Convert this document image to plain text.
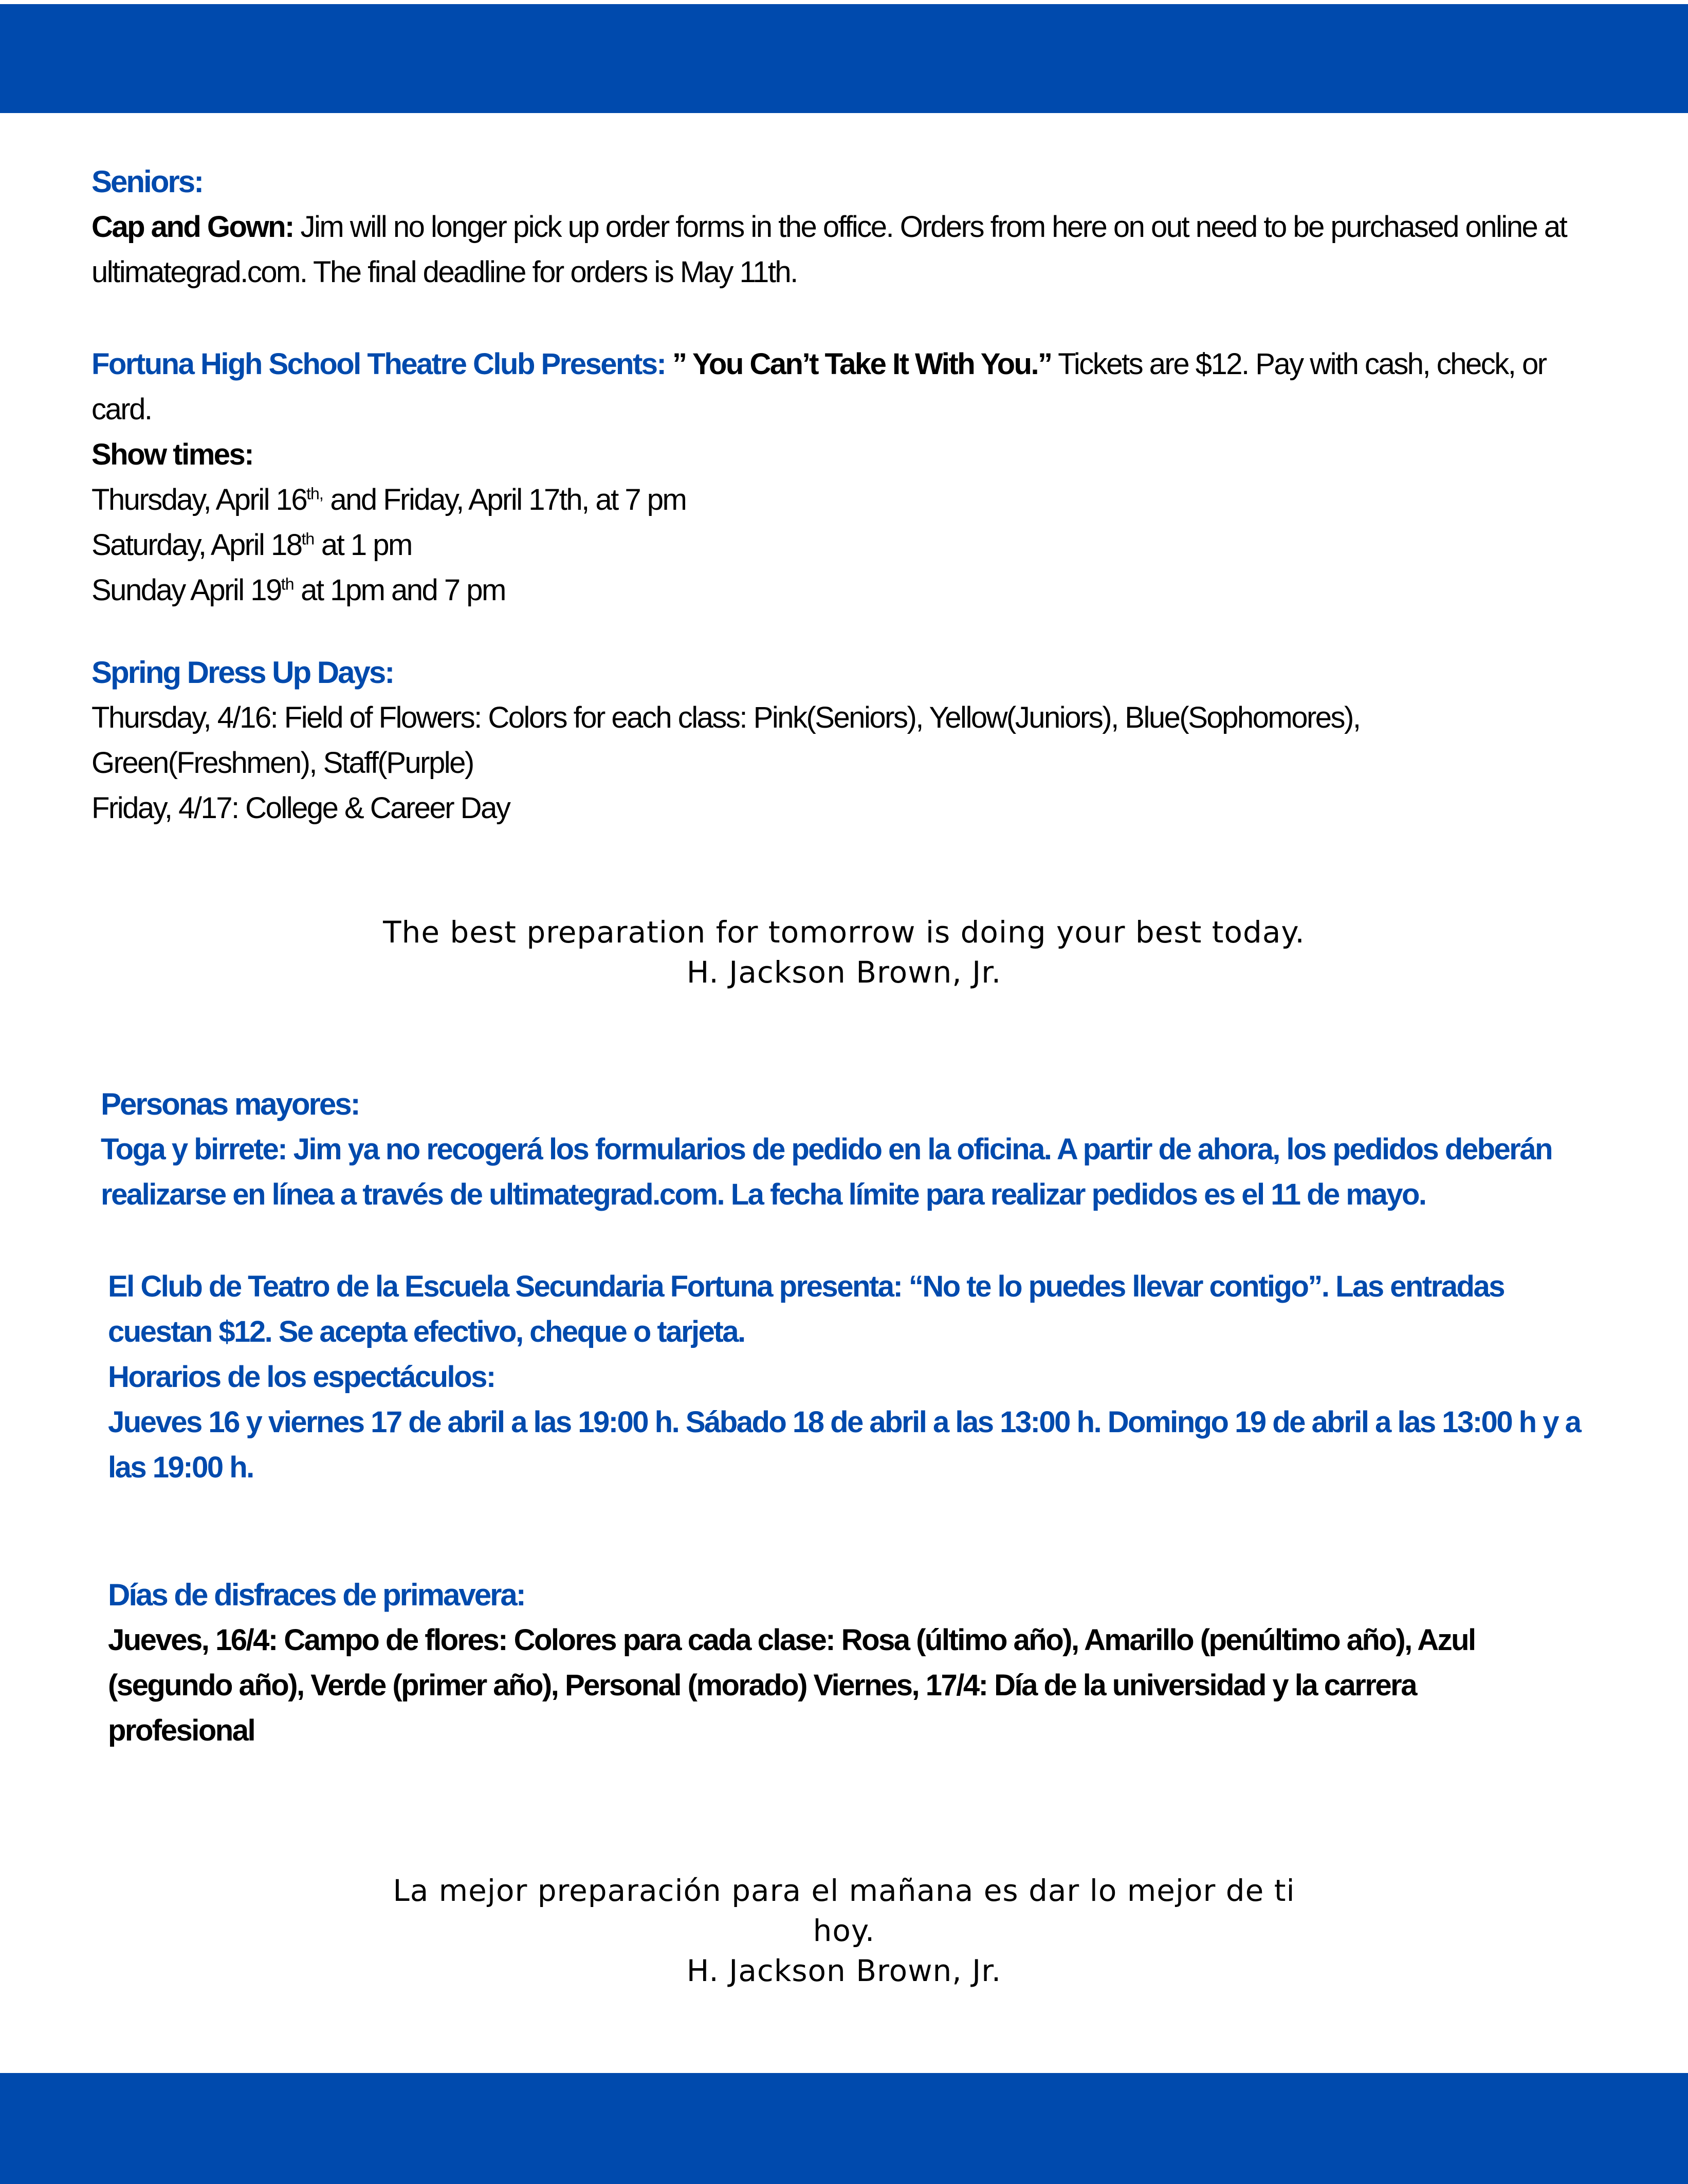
Seniors:

Cap and Gown: Jim will no longer pick up order forms in the office. Orders from here on out need to be purchased online at ultimategrad.com. The final deadline for orders is May 11th.

Fortuna High School Theatre Club Presents: ” You Can’t Take It With You.” Tickets are $12. Pay with cash, check, or card.

Show times:

Thursday, April $16^{th,}$ and Friday, April 17th, at 7 pm

Saturday, April 18th at 1 pm

Sunday April 19th at 1pm and 7 pm

Spring Dress Up Days:

Thursday, 4/16: Field of Flowers: Colors for each class: Pink(Seniors), Yellow(Juniors), Blue(Sophomores), Green(Freshmen), Staff(Purple)

Friday, 4/17: College & Career Day

The best preparation for tomorrow is doing your best today.
H. Jackson Brown, Jr.
Personas mayores:

Toga y birrete: Jim ya no recogerá los formularios de pedido en la oficina. A partir de ahora, los pedidos deberán realizarse en línea a través de ultimategrad.com. La fecha límite para realizar pedidos es el 11 de mayo.

El Club de Teatro de la Escuela Secundaria Fortuna presenta: “No te lo puedes llevar contigo”. Las entradas cuestan $12. Se acepta efectivo, cheque o tarjeta.

Horarios de los espectáculos:

Jueves 16 y viernes 17 de abril a las 19:00 h. Sábado 18 de abril a las 13:00 h. Domingo 19 de abril a las 13:00 h y a las 19:00 h.

Días de disfraces de primavera:

Jueves, 16/4: Campo de flores: Colores para cada clase: Rosa (último año), Amarillo (penúltimo año), Azul (segundo año), Verde (primer año), Personal (morado) Viernes, 17/4: Día de la universidad y la carrera profesional

La mejor preparación para el mañana es dar lo mejor de ti
hoy.
H. Jackson Brown, Jr.
